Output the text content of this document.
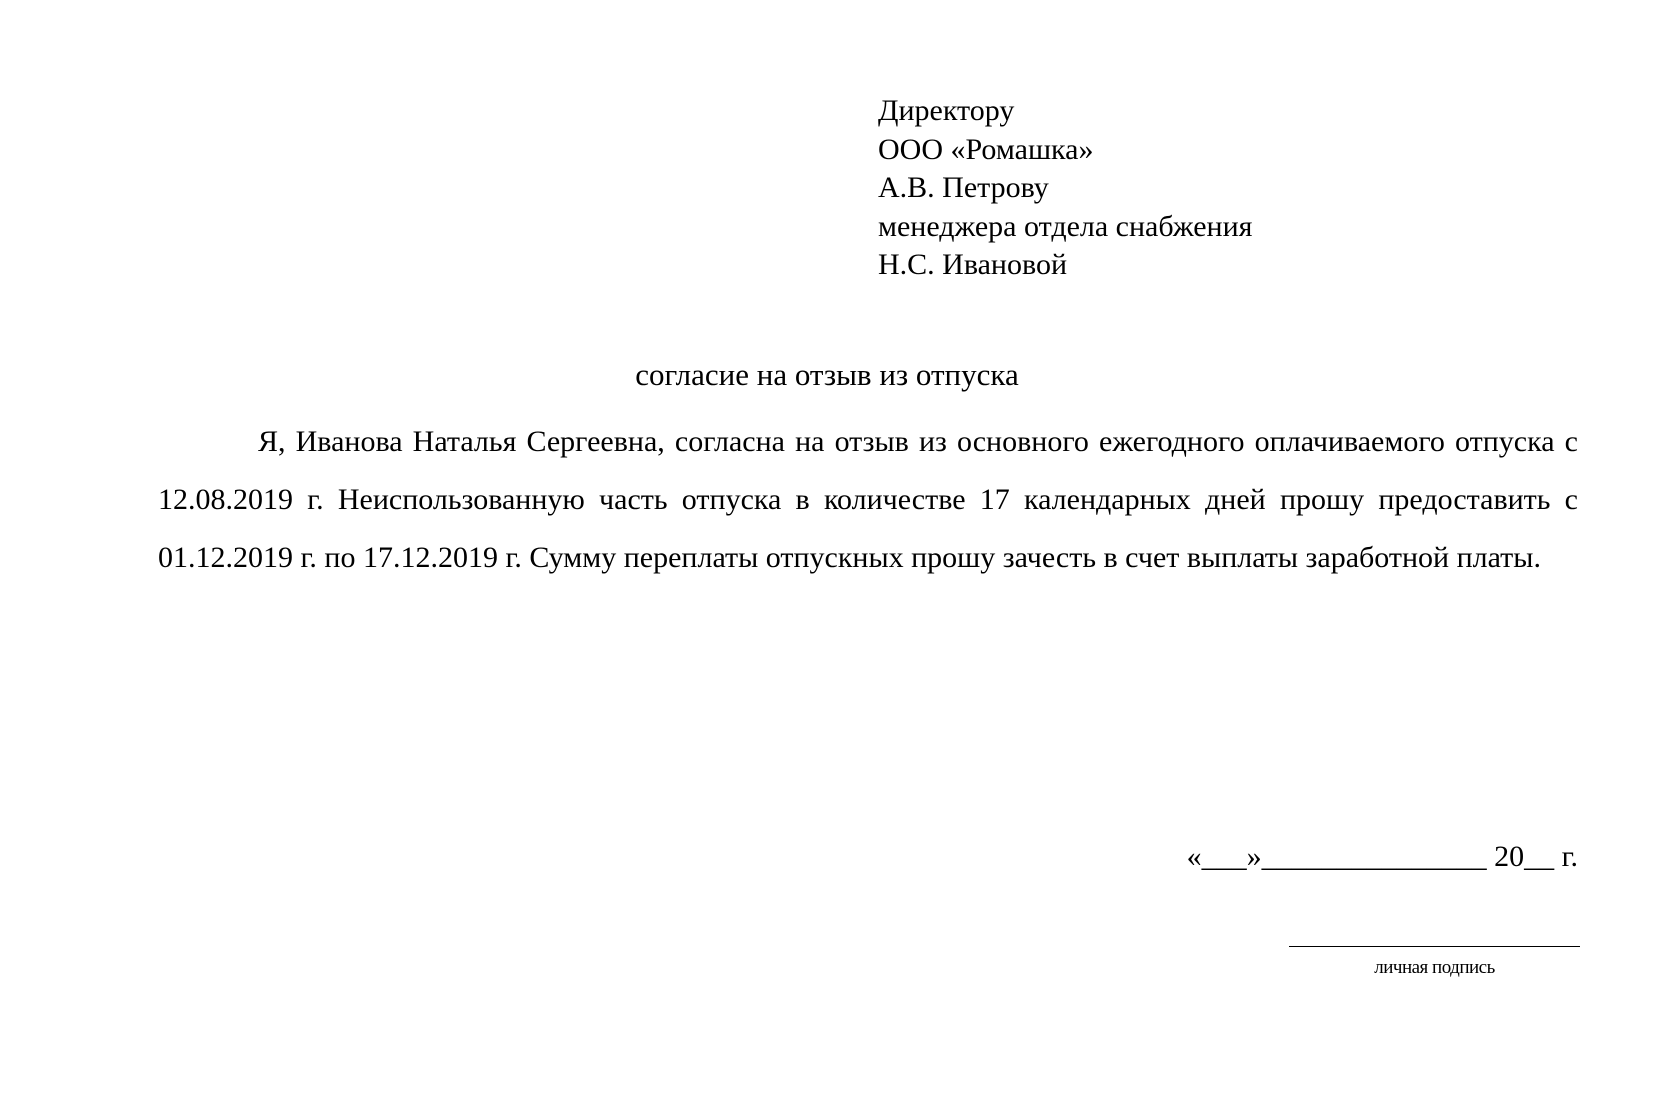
Директору
ООО «Ромашка»
А.В. Петрову
менеджера отдела снабжения
Н.С. Ивановой
согласие на отзыв из отпуска

Я, Иванова Наталья Сергеевна, согласна на отзыв из основного ежегодного оплачиваемого отпуска с 12.08.2019 г. Неиспользованную часть отпуска в количестве 17 календарных дней прошу предоставить с 01.12.2019 г. по 17.12.2019 г. Сумму переплаты отпускных прошу зачесть в счет выплаты заработной платы.

«___»_______________ 20__ г.
личная подпись
